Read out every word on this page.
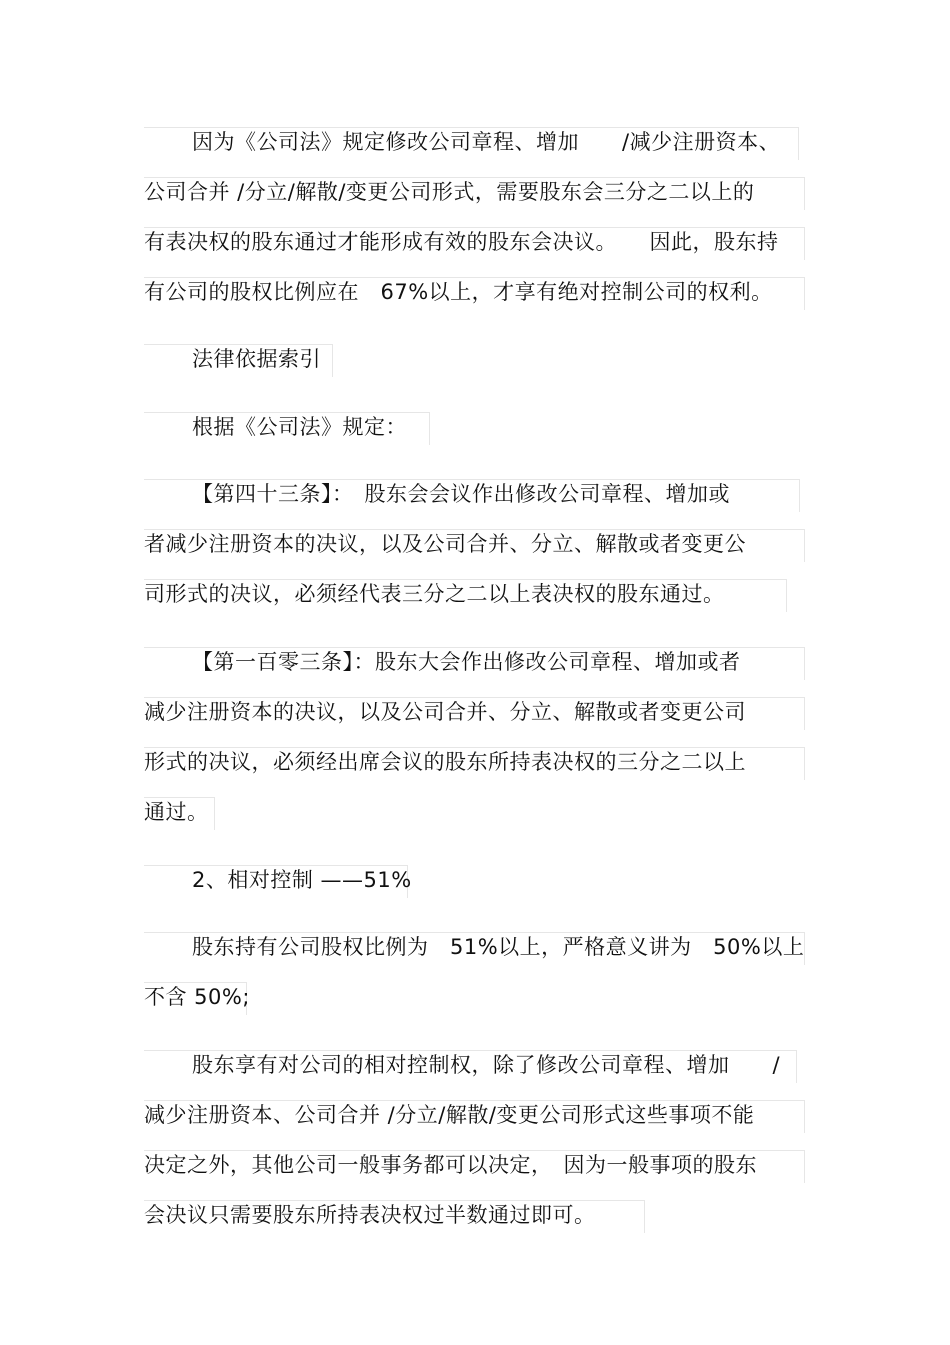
因为《公司法》规定修改公司章程、增加　　/减少注册资本、
公司合并 /分立/解散/变更公司形式，需要股东会三分之二以上的
有表决权的股东通过才能形成有效的股东会决议。　　因此，股东持
有公司的股权比例应在　67%以上，才享有绝对控制公司的权利。
法律依据索引
根据《公司法》规定：
【第四十三条】：　股东会会议作出修改公司章程、增加或
者减少注册资本的决议，以及公司合并、分立、解散或者变更公
司形式的决议，必须经代表三分之二以上表决权的股东通过。
【第一百零三条】：股东大会作出修改公司章程、增加或者
减少注册资本的决议，以及公司合并、分立、解散或者变更公司
形式的决议，必须经出席会议的股东所持表决权的三分之二以上
通过。
2、相对控制 ——51%
股东持有公司股权比例为　51%以上，严格意义讲为　50%以上
不含 50%;
股东享有对公司的相对控制权，除了修改公司章程、增加　　/
减少注册资本、公司合并 /分立/解散/变更公司形式这些事项不能
决定之外，其他公司一般事务都可以决定，　因为一般事项的股东
会决议只需要股东所持表决权过半数通过即可。
